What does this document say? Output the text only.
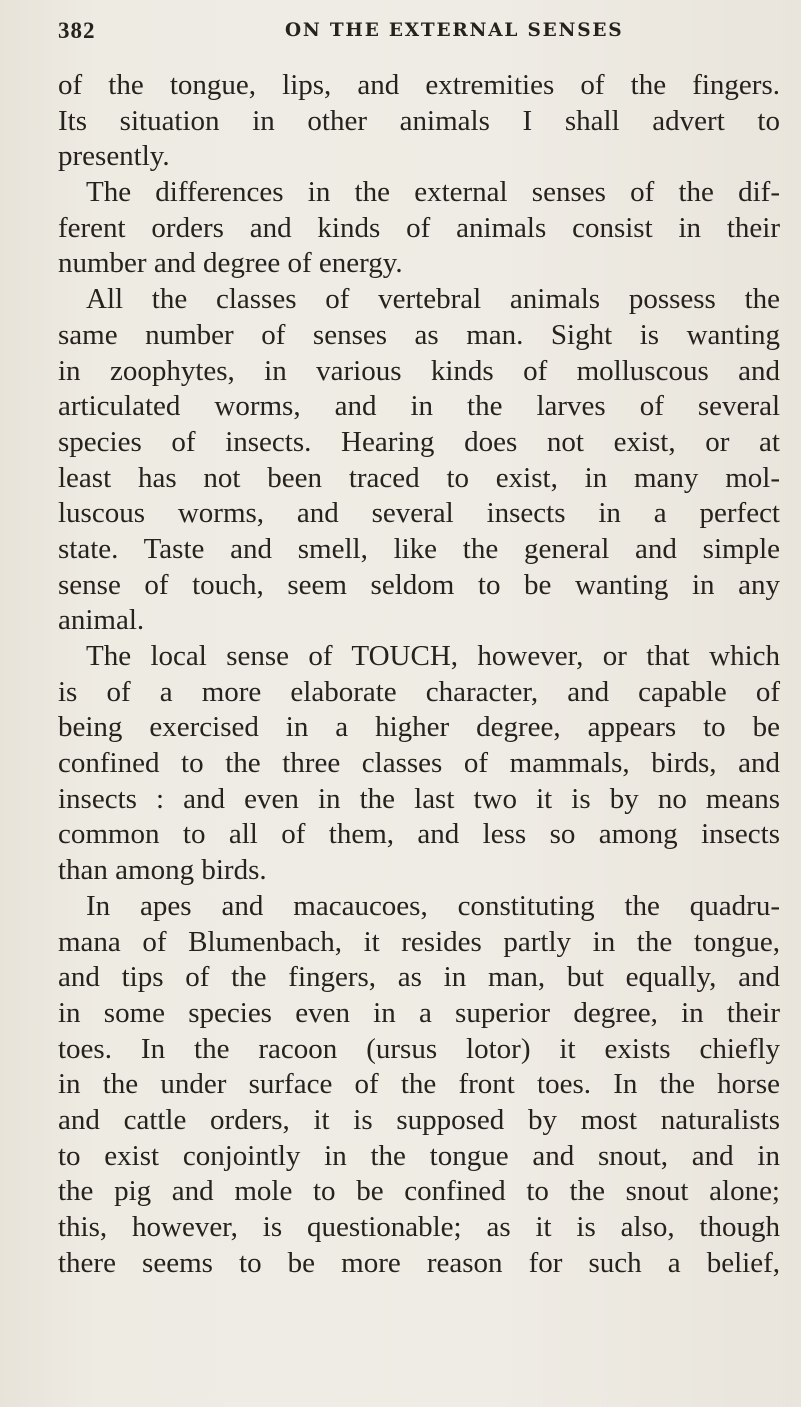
382	ON THE EXTERNAL SENSES
of the tongue, lips, and extremities of the fingers.
Its situation in other animals I shall advert to
presently.
The differences in the external senses of the dif-
ferent orders and kinds of animals consist in their
number and degree of energy.
All the classes of vertebral animals possess the
same number of senses as man. Sight is wanting
in zoophytes, in various kinds of molluscous and
articulated worms, and in the larves of several
species of insects. Hearing does not exist, or at
least has not been traced to exist, in many mol-
luscous worms, and several insects in a perfect
state. Taste and smell, like the general and simple
sense of touch, seem seldom to be wanting in any
animal.
The local sense of TOUCH, however, or that which
is of a more elaborate character, and capable of
being exercised in a higher degree, appears to be
confined to the three classes of mammals, birds, and
insects : and even in the last two it is by no means
common to all of them, and less so among insects
than among birds.
In apes and macaucoes, constituting the quadru-
mana of Blumenbach, it resides partly in the tongue,
and tips of the fingers, as in man, but equally, and
in some species even in a superior degree, in their
toes. In the racoon (ursus lotor) it exists chiefly
in the under surface of the front toes. In the horse
and cattle orders, it is supposed by most naturalists
to exist conjointly in the tongue and snout, and in
the pig and mole to be confined to the snout alone;
this, however, is questionable; as it is also, though
there seems to be more reason for such a belief,
